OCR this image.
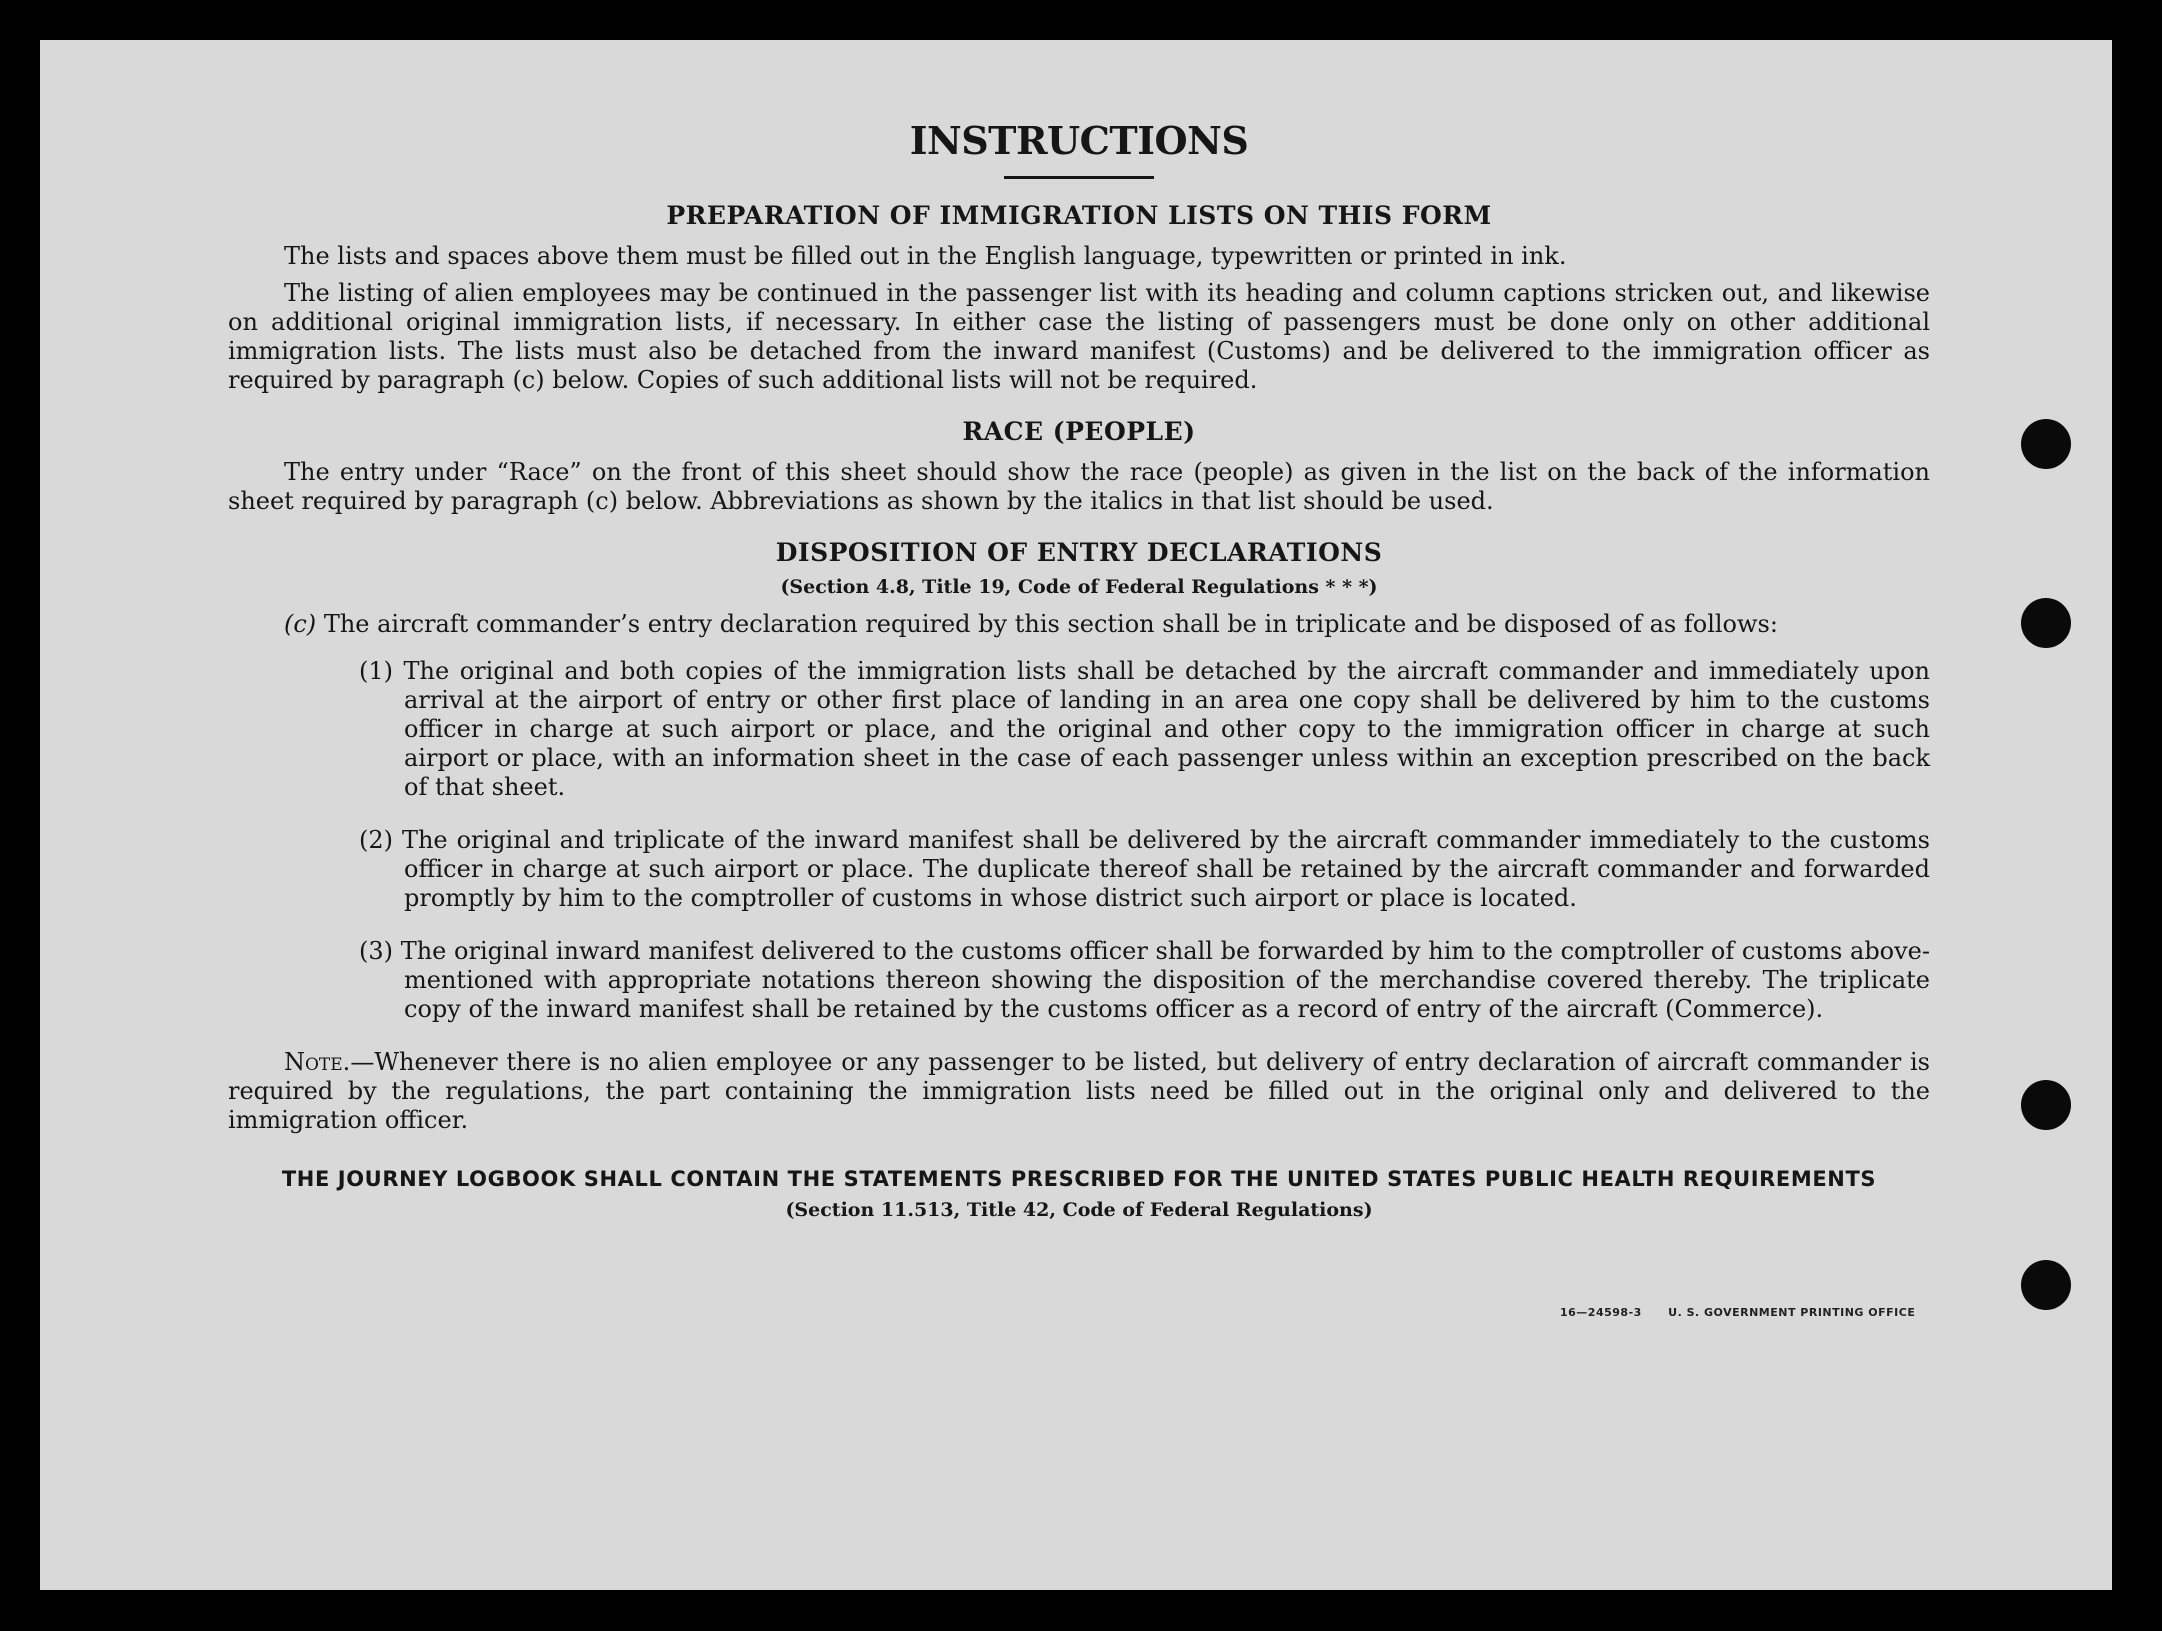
INSTRUCTIONS
PREPARATION OF IMMIGRATION LISTS ON THIS FORM

The lists and spaces above them must be filled out in the English language, typewritten or printed in ink.

The listing of alien employees may be continued in the passenger list with its heading and column captions stricken out, and likewise on additional original immigration lists, if necessary. In either case the listing of passengers must be done only on other additional immigration lists. The lists must also be detached from the inward manifest (Customs) and be delivered to the immigration officer as required by paragraph (c) below. Copies of such additional lists will not be required.

RACE (PEOPLE)

The entry under “Race” on the front of this sheet should show the race (people) as given in the list on the back of the information sheet required by paragraph (c) below. Abbreviations as shown by the italics in that list should be used.

DISPOSITION OF ENTRY DECLARATIONS
(Section 4.8, Title 19, Code of Federal Regulations * * *)

(c) The aircraft commander’s entry declaration required by this section shall be in triplicate and be disposed of as follows:

(1) The original and both copies of the immigration lists shall be detached by the aircraft commander and immediately upon arrival at the airport of entry or other first place of landing in an area one copy shall be delivered by him to the customs officer in charge at such airport or place, and the original and other copy to the immigration officer in charge at such airport or place, with an information sheet in the case of each passenger unless within an exception prescribed on the back of that sheet.
(2) The original and triplicate of the inward manifest shall be delivered by the aircraft commander immediately to the customs officer in charge at such airport or place. The duplicate thereof shall be retained by the aircraft commander and forwarded promptly by him to the comptroller of customs in whose district such airport or place is located.
(3) The original inward manifest delivered to the customs officer shall be forwarded by him to the comptroller of customs above-mentioned with appropriate notations thereon showing the disposition of the merchandise covered thereby. The triplicate copy of the inward manifest shall be retained by the customs officer as a record of entry of the aircraft (Commerce).

Note.—Whenever there is no alien employee or any passenger to be listed, but delivery of entry declaration of aircraft commander is required by the regulations, the part containing the immigration lists need be filled out in the original only and delivered to the immigration officer.

THE JOURNEY LOGBOOK SHALL CONTAIN THE STATEMENTS PRESCRIBED FOR THE UNITED STATES PUBLIC HEALTH REQUIREMENTS
(Section 11.513, Title 42, Code of Federal Regulations)
16—24598-3 U. S. GOVERNMENT PRINTING OFFICE
